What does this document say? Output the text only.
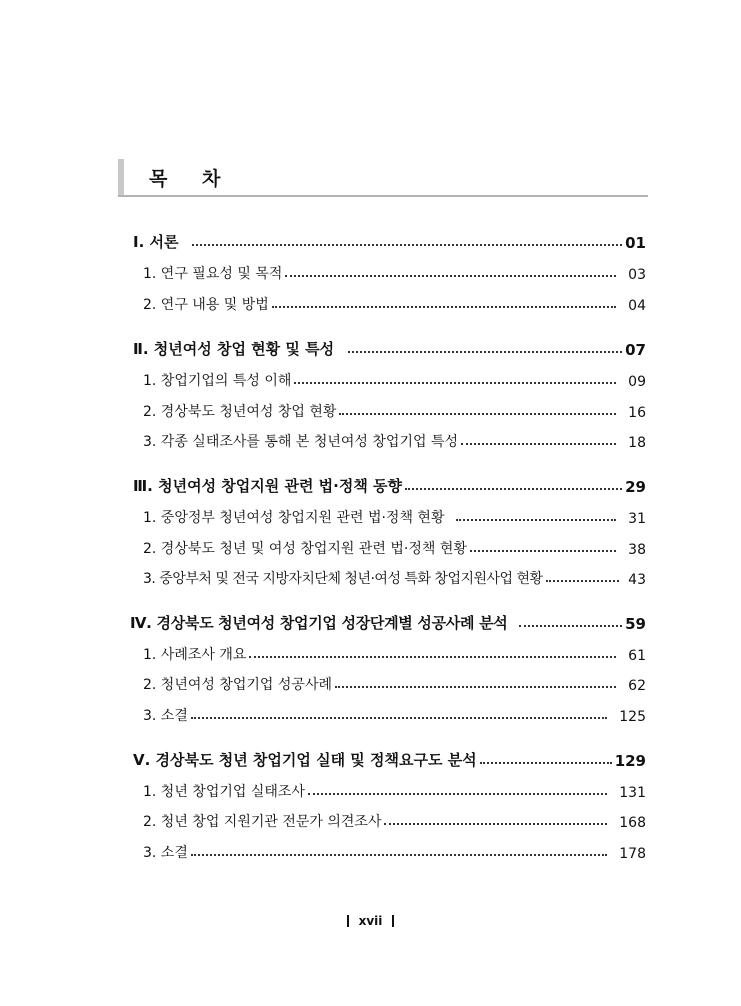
목 차
Ⅰ. 서론	01
1. 연구 필요성 및 목적	03
2. 연구 내용 및 방법	04
Ⅱ. 청년여성 창업 현황 및 특성	07
1. 창업기업의 특성 이해	09
2. 경상북도 청년여성 창업 현황	16
3. 각종 실태조사를 통해 본 청년여성 창업기업 특성	18
Ⅲ. 청년여성 창업지원 관련 법·정책 동향	29
1. 중앙정부 청년여성 창업지원 관련 법·정책 현황	31
2. 경상북도 청년 및 여성 창업지원 관련 법·정책 현황	38
3. 중앙부처 및 전국 지방자치단체 청년·여성 특화 창업지원사업 현황	43
Ⅳ. 경상북도 청년여성 창업기업 성장단계별 성공사례 분석	59
1. 사례조사 개요	61
2. 청년여성 창업기업 성공사례	62
3. 소결	125
Ⅴ. 경상북도 청년 창업기업 실태 및 정책요구도 분석	129
1. 청년 창업기업 실태조사	131
2. 청년 창업 지원기관 전문가 의견조사	168
3. 소결	178
xvii
